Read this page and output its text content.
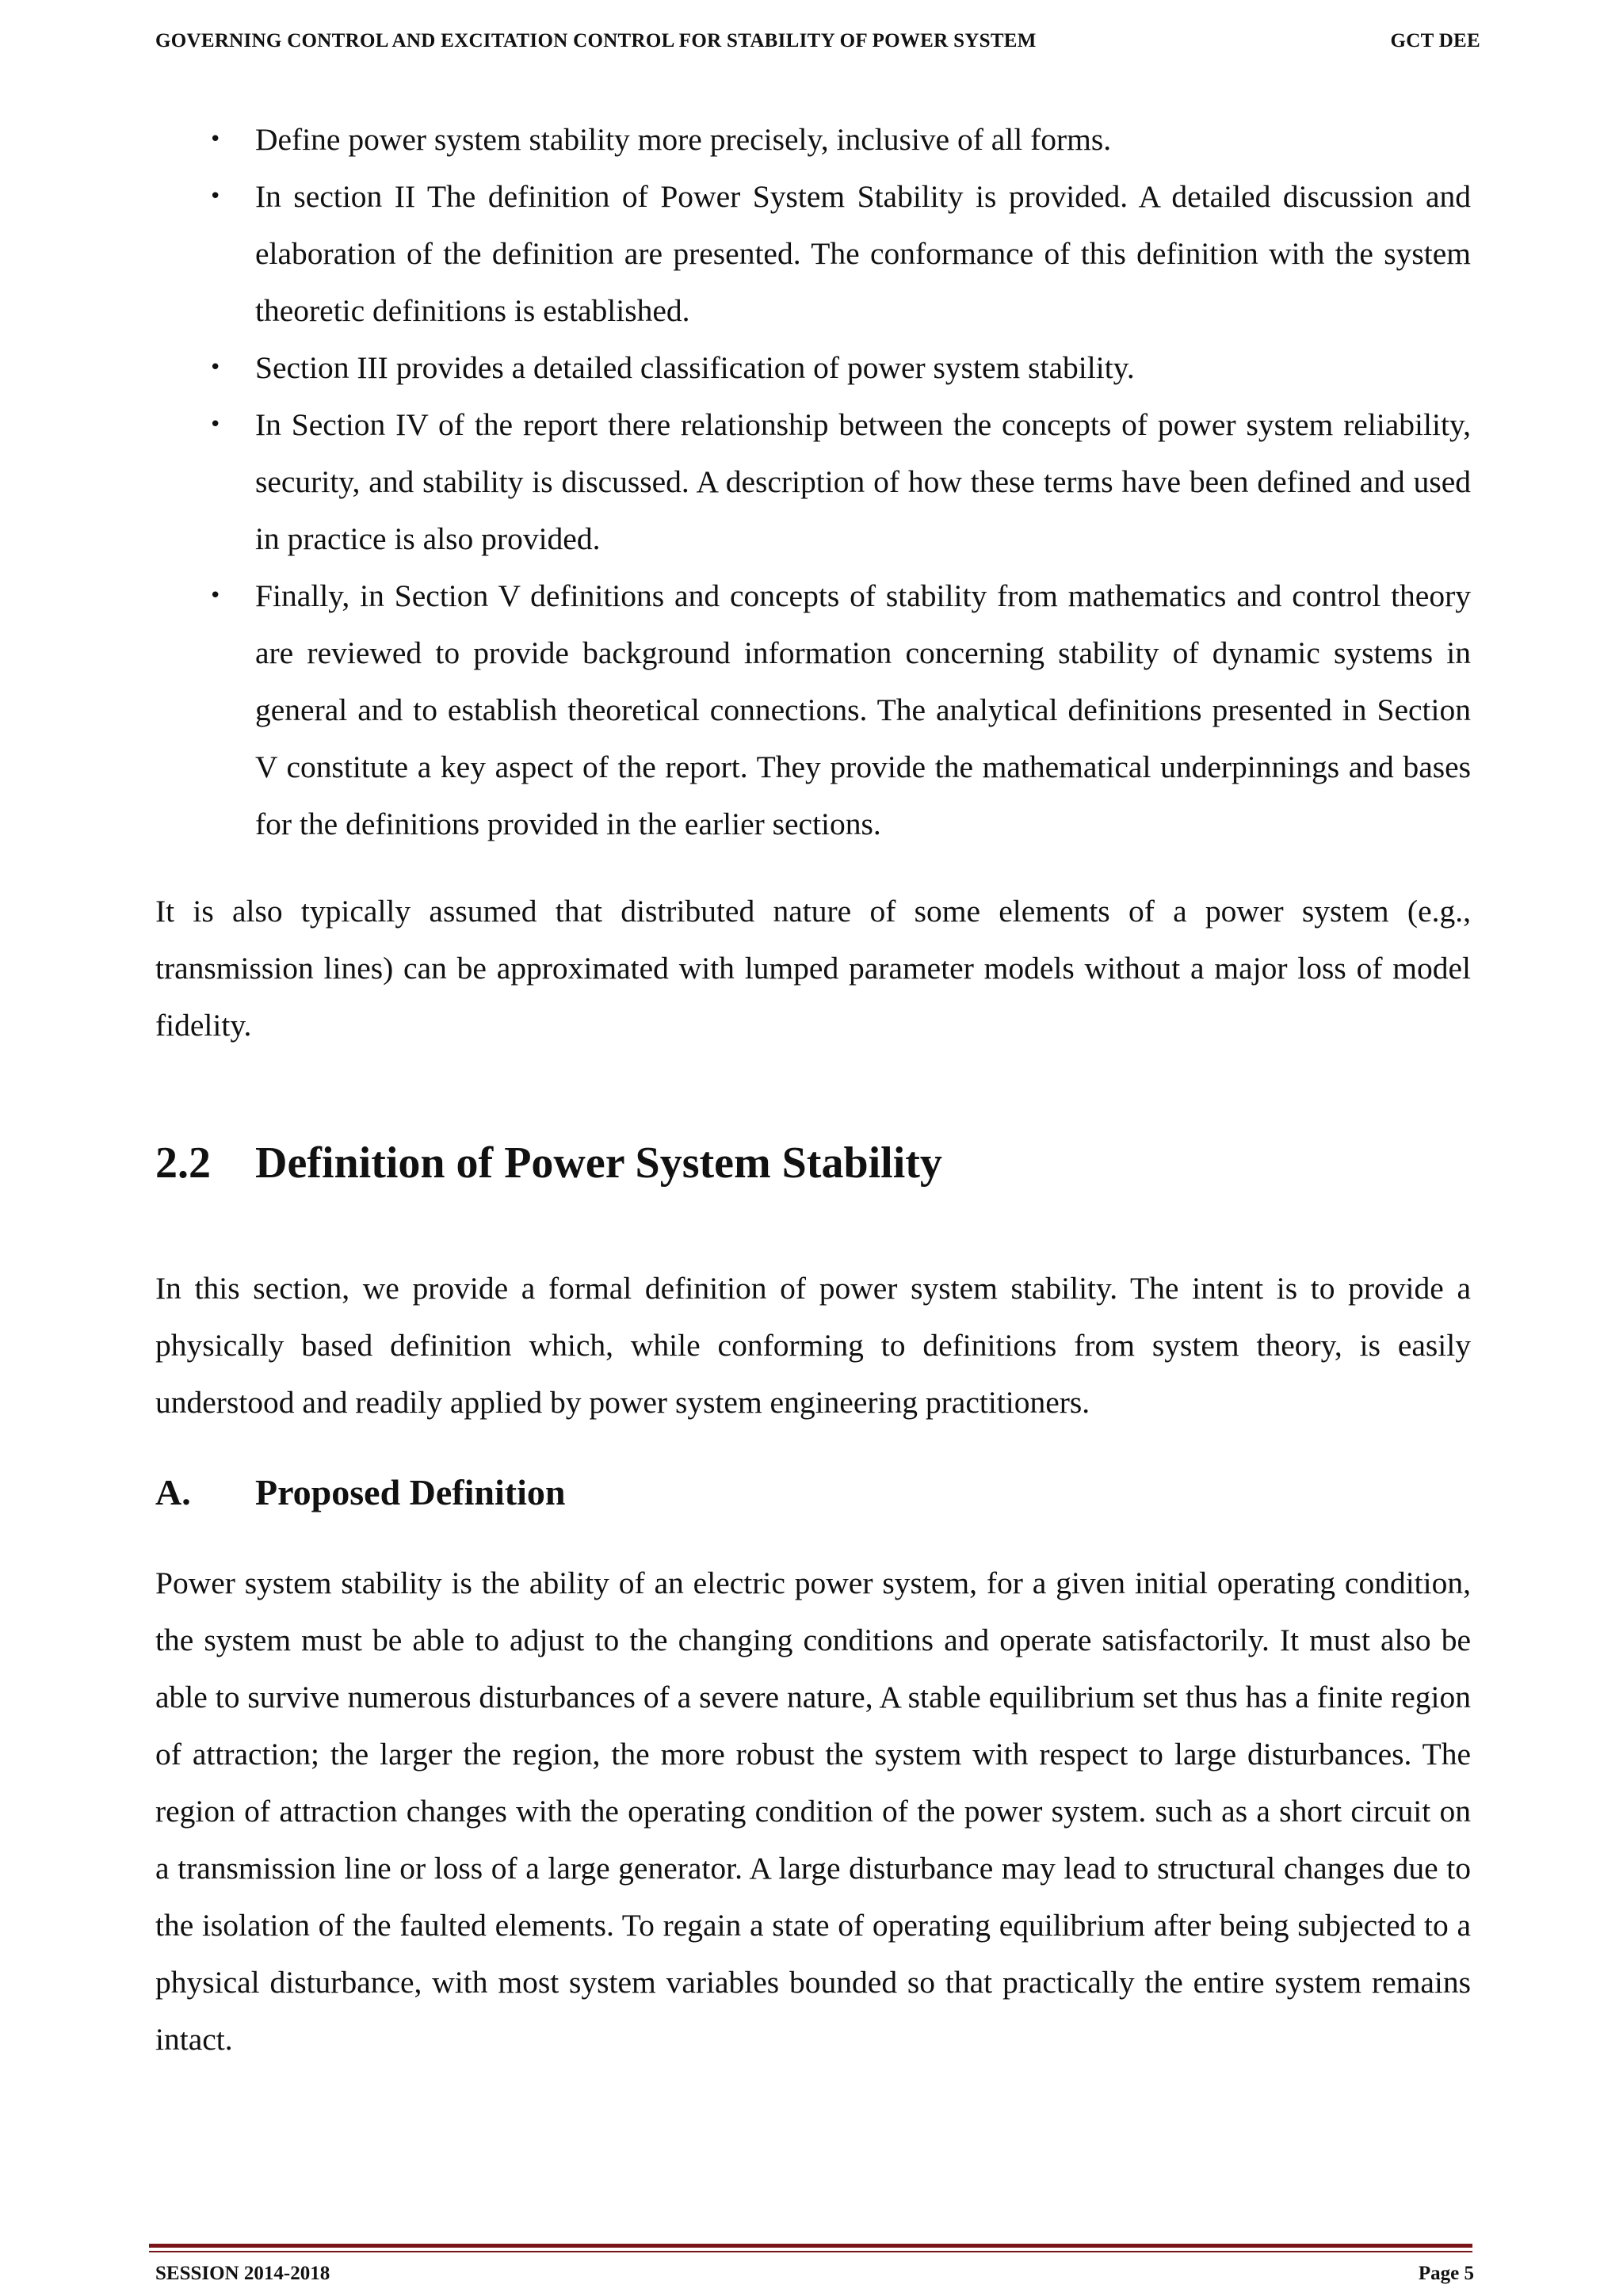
GOVERNING CONTROL AND EXCITATION CONTROL FOR STABILITY OF POWER SYSTEM	GCT DEE
• Define power system stability more precisely, inclusive of all forms.
• In section II The definition of Power System Stability is provided. A detailed discussion and elaboration of the definition are presented. The conformance of this definition with the system theoretic definitions is established.
• Section III provides a detailed classification of power system stability.
• In Section IV of the report there relationship between the concepts of power system reliability, security, and stability is discussed. A description of how these terms have been defined and used in practice is also provided.
• Finally, in Section V definitions and concepts of stability from mathematics and control theory are reviewed to provide background information concerning stability of dynamic systems in general and to establish theoretical connections. The analytical definitions presented in Section V constitute a key aspect of the report. They provide the mathematical underpinnings and bases for the definitions provided in the earlier sections.

It is also typically assumed that distributed nature of some elements of a power system (e.g., transmission lines) can be approximated with lumped parameter models without a major loss of model fidelity.

2.2 Definition of Power System Stability

In this section, we provide a formal definition of power system stability. The intent is to provide a physically based definition which, while conforming to definitions from system theory, is easily understood and readily applied by power system engineering practitioners.

A. Proposed Definition

Power system stability is the ability of an electric power system, for a given initial operating condition, the system must be able to adjust to the changing conditions and operate satisfactorily. It must also be able to survive numerous disturbances of a severe nature, A stable equilibrium set thus has a finite region of attraction; the larger the region, the more robust the system with respect to large disturbances. The region of attraction changes with the operating condition of the power system. such as a short circuit on a transmission line or loss of a large generator. A large disturbance may lead to structural changes due to the isolation of the faulted elements. To regain a state of operating equilibrium after being subjected to a physical disturbance, with most system variables bounded so that practically the entire system remains intact.

SESSION 2014-2018	Page 5
